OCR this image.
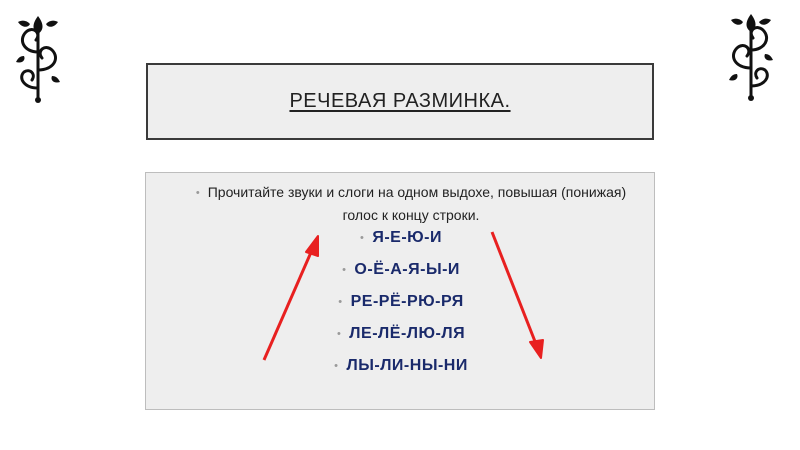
РЕЧЕВАЯ РАЗМИНКА.
• Прочитайте звуки и слоги на одном выдохе, повышая (понижая) голос к концу строки.
• Я-Е-Ю-И
• О-Ё-А-Я-Ы-И
• РЕ-РЁ-РЮ-РЯ
• ЛЕ-ЛЁ-ЛЮ-ЛЯ
• ЛЫ-ЛИ-НЫ-НИ
